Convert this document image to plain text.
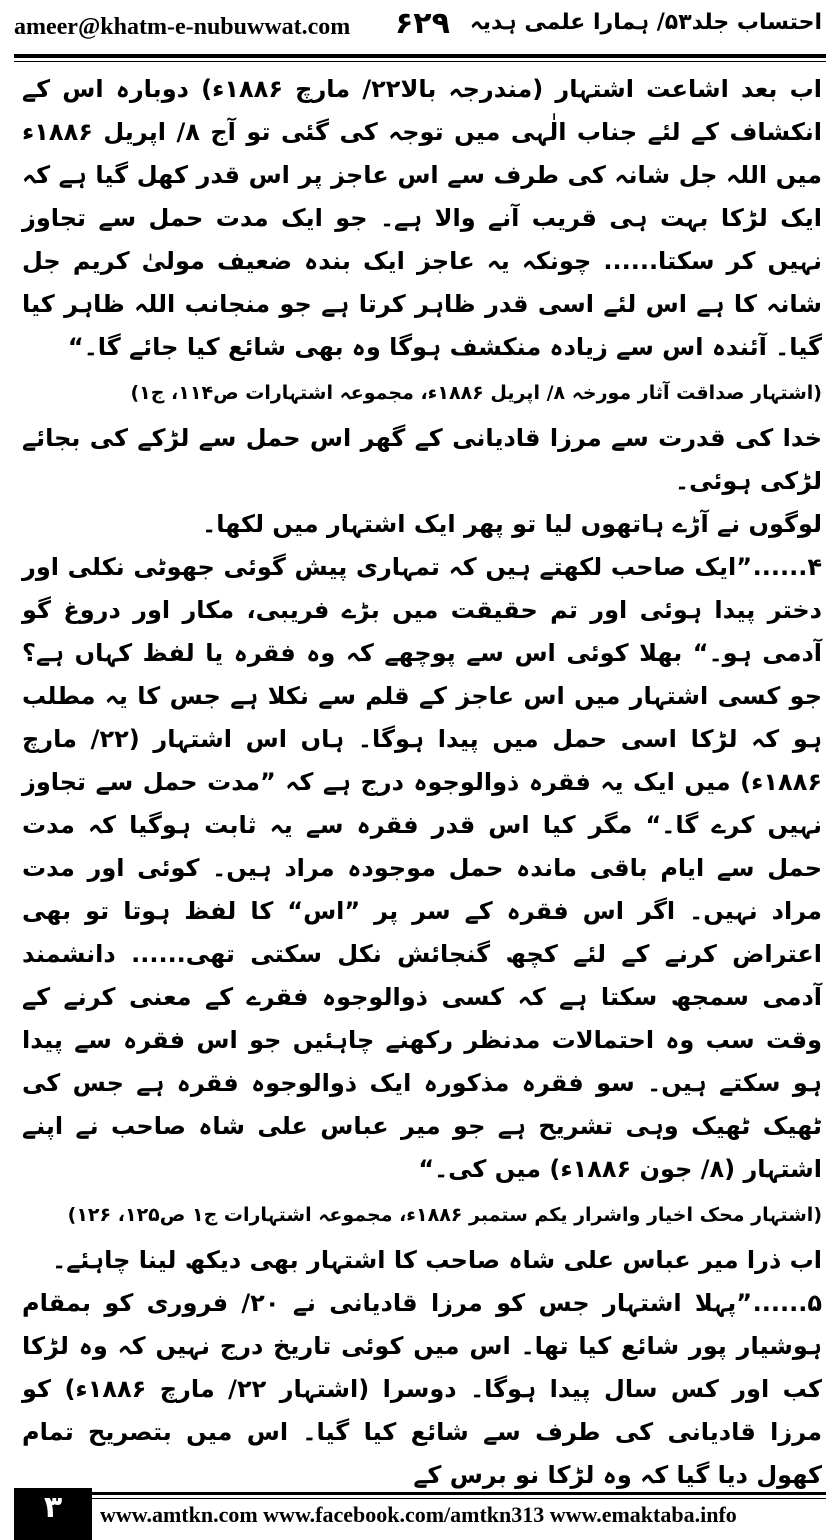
ameer@khatm-e-nubuwwat.com ۶۲۹ احتساب جلد۵۳/ ہمارا علمی ہدیہ

اب بعد اشاعت اشتہار (مندرجہ بالا۲۲/ مارچ ۱۸۸۶ء) دوبارہ اس کے انکشاف کے لئے جناب الٰہی میں توجہ کی گئی تو آج ۸/ اپریل ۱۸۸۶ء میں اللہ جل شانہ کی طرف سے اس عاجز پر اس قدر کھل گیا ہے کہ ایک لڑکا بہت ہی قریب آنے والا ہے۔ جو ایک مدت حمل سے تجاوز نہیں کر سکتا...... چونکہ یہ عاجز ایک بندہ ضعیف مولیٰ کریم جل شانہ کا ہے اس لئے اسی قدر ظاہر کرتا ہے جو منجانب اللہ ظاہر کیا گیا۔ آئندہ اس سے زیادہ منکشف ہوگا وہ بھی شائع کیا جائے گا۔“

(اشتہار صداقت آثار مورخہ ۸/ اپریل ۱۸۸۶ء، مجموعہ اشتہارات ص۱۱۴، ج۱)

خدا کی قدرت سے مرزا قادیانی کے گھر اس حمل سے لڑکے کی بجائے لڑکی ہوئی۔

لوگوں نے آڑے ہاتھوں لیا تو پھر ایک اشتہار میں لکھا۔

۴......”ایک صاحب لکھتے ہیں کہ تمہاری پیش گوئی جھوٹی نکلی اور دختر پیدا ہوئی اور تم حقیقت میں بڑے فریبی، مکار اور دروغ گو آدمی ہو۔“ بھلا کوئی اس سے پوچھے کہ وہ فقرہ یا لفظ کہاں ہے؟ جو کسی اشتہار میں اس عاجز کے قلم سے نکلا ہے جس کا یہ مطلب ہو کہ لڑکا اسی حمل میں پیدا ہوگا۔ ہاں اس اشتہار (۲۲/ مارچ ۱۸۸۶ء) میں ایک یہ فقرہ ذوالوجوہ درج ہے کہ ”مدت حمل سے تجاوز نہیں کرے گا۔“ مگر کیا اس قدر فقرہ سے یہ ثابت ہوگیا کہ مدت حمل سے ایام باقی ماندہ حمل موجودہ مراد ہیں۔ کوئی اور مدت مراد نہیں۔ اگر اس فقرہ کے سر پر ”اس“ کا لفظ ہوتا تو بھی اعتراض کرنے کے لئے کچھ گنجائش نکل سکتی تھی...... دانشمند آدمی سمجھ سکتا ہے کہ کسی ذوالوجوہ فقرے کے معنی کرنے کے وقت سب وہ احتمالات مدنظر رکھنے چاہئیں جو اس فقرہ سے پیدا ہو سکتے ہیں۔ سو فقرہ مذکورہ ایک ذوالوجوہ فقرہ ہے جس کی ٹھیک ٹھیک وہی تشریح ہے جو میر عباس علی شاہ صاحب نے اپنے اشتہار (۸/ جون ۱۸۸۶ء) میں کی۔“

(اشتہار محک اخیار واشرار یکم ستمبر ۱۸۸۶ء، مجموعہ اشتہارات ج۱ ص۱۲۵، ۱۲۶)

اب ذرا میر عباس علی شاہ صاحب کا اشتہار بھی دیکھ لینا چاہئے۔

۵......”پہلا اشتہار جس کو مرزا قادیانی نے ۲۰/ فروری کو بمقام ہوشیار پور شائع کیا تھا۔ اس میں کوئی تاریخ درج نہیں کہ وہ لڑکا کب اور کس سال پیدا ہوگا۔ دوسرا (اشتہار ۲۲/ مارچ ۱۸۸۶ء) کو مرزا قادیانی کی طرف سے شائع کیا گیا۔ اس میں بتصریح تمام کھول دیا گیا کہ وہ لڑکا نو برس کے

۳	www.amtkn.com www.facebook.com/amtkn313 www.emaktaba.info
